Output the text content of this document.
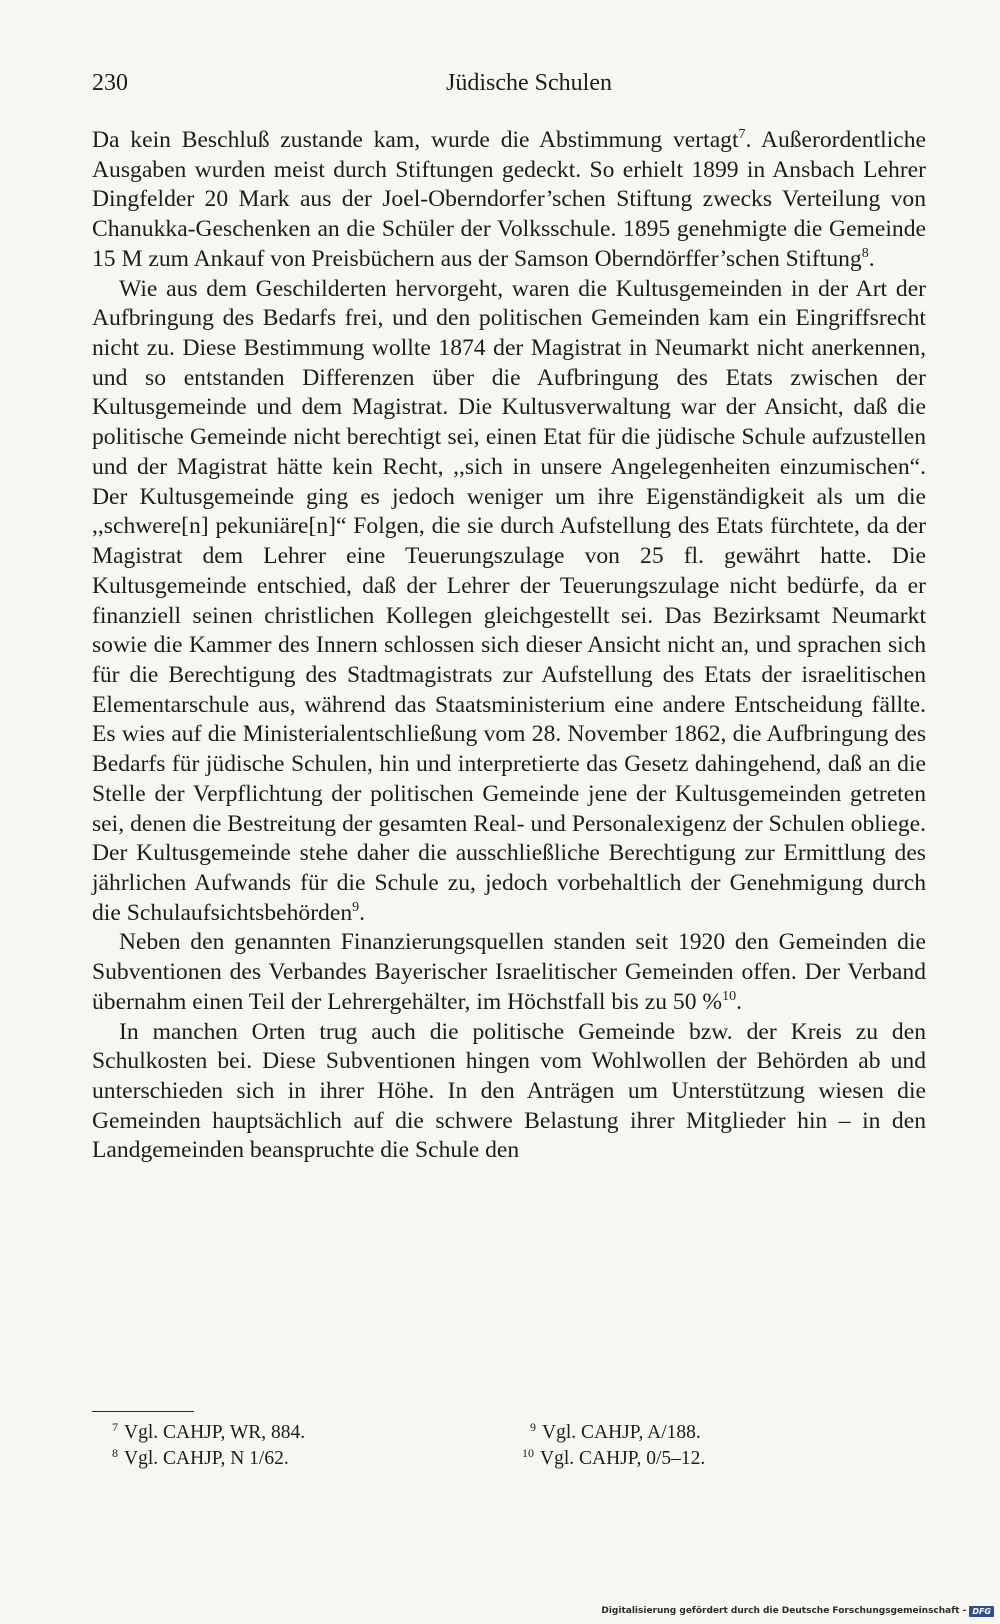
230	Jüdische Schulen

Da kein Beschluß zustande kam, wurde die Abstimmung vertagt$^7$. Außerordentliche Ausgaben wurden meist durch Stiftungen gedeckt. So erhielt 1899 in Ansbach Lehrer Dingfelder 20 Mark aus der Joel-Oberndorfer’schen Stiftung zwecks Verteilung von Chanukka-Geschenken an die Schüler der Volksschule. 1895 genehmigte die Gemeinde 15 M zum Ankauf von Preisbüchern aus der Samson Oberndörffer’schen Stiftung$^8$.

Wie aus dem Geschilderten hervorgeht, waren die Kultusgemeinden in der Art der Aufbringung des Bedarfs frei, und den politischen Gemeinden kam ein Eingriffsrecht nicht zu. Diese Bestimmung wollte 1874 der Magistrat in Neumarkt nicht anerkennen, und so entstanden Differenzen über die Aufbringung des Etats zwischen der Kultusgemeinde und dem Magistrat. Die Kultusverwaltung war der Ansicht, daß die politische Gemeinde nicht berechtigt sei, einen Etat für die jüdische Schule aufzustellen und der Magistrat hätte kein Recht, ,,sich in unsere Angelegenheiten einzumischen“. Der Kultusgemeinde ging es jedoch weniger um ihre Eigenständigkeit als um die ,,schwere[n] pekuniäre[n]“ Folgen, die sie durch Aufstellung des Etats fürchtete, da der Magistrat dem Lehrer eine Teuerungszulage von 25 fl. gewährt hatte. Die Kultusgemeinde entschied, daß der Lehrer der Teuerungszulage nicht bedürfe, da er finanziell seinen christlichen Kollegen gleichgestellt sei. Das Bezirksamt Neumarkt sowie die Kammer des Innern schlossen sich dieser Ansicht nicht an, und sprachen sich für die Berechtigung des Stadtmagistrats zur Aufstellung des Etats der israelitischen Elementarschule aus, während das Staatsministerium eine andere Entscheidung fällte. Es wies auf die Ministerialentschließung vom 28. November 1862, die Aufbringung des Bedarfs für jüdische Schulen, hin und interpretierte das Gesetz dahingehend, daß an die Stelle der Verpflichtung der politischen Gemeinde jene der Kultusgemeinden getreten sei, denen die Bestreitung der gesamten Real- und Personalexigenz der Schulen obliege. Der Kultusgemeinde stehe daher die ausschließliche Berechtigung zur Ermittlung des jährlichen Aufwands für die Schule zu, jedoch vorbehaltlich der Genehmigung durch die Schulaufsichtsbehörden$^9$.

Neben den genannten Finanzierungsquellen standen seit 1920 den Gemeinden die Subventionen des Verbandes Bayerischer Israelitischer Gemeinden offen. Der Verband übernahm einen Teil der Lehrergehälter, im Höchstfall bis zu 50 %$^{10}$.

In manchen Orten trug auch die politische Gemeinde bzw. der Kreis zu den Schulkosten bei. Diese Subventionen hingen vom Wohlwollen der Behörden ab und unterschieden sich in ihrer Höhe. In den Anträgen um Unterstützung wiesen die Gemeinden hauptsächlich auf die schwere Belastung ihrer Mitglieder hin – in den Landgemeinden beanspruchte die Schule den

$^7$ Vgl. CAHJP, WR, 884.
$^8$ Vgl. CAHJP, N 1/62.
$^9$ Vgl. CAHJP, A/188.
$^{10}$ Vgl. CAHJP, 0/5–12.
Digitalisierung gefördert durch die Deutsche Forschungsgemeinschaft - DFG
